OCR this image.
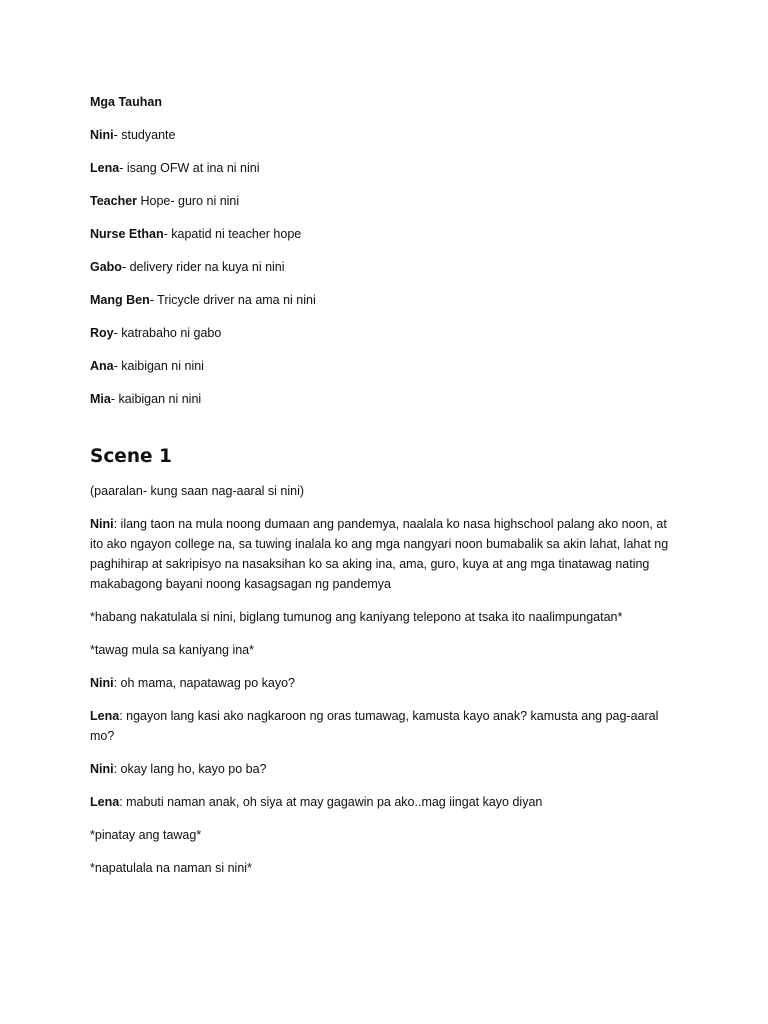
Mga Tauhan
Nini- studyante
Lena- isang OFW at ina ni nini
Teacher Hope- guro ni nini
Nurse Ethan- kapatid ni teacher hope
Gabo- delivery rider na kuya ni nini
Mang Ben- Tricycle driver na ama ni nini
Roy- katrabaho ni gabo
Ana- kaibigan ni nini
Mia- kaibigan ni nini
Scene 1
(paaralan- kung saan nag-aaral si nini)
Nini: ilang taon na mula noong dumaan ang pandemya, naalala ko nasa highschool palang ako noon, at ito ako ngayon college na, sa tuwing inalala ko ang mga nangyari noon bumabalik sa akin lahat, lahat ng paghihirap at sakripisyo na nasaksihan ko sa aking ina, ama, guro, kuya at ang mga tinatawag nating makabagong bayani noong kasagsagan ng pandemya
*habang nakatulala si nini, biglang tumunog ang kaniyang telepono at tsaka ito naalimpungatan*
*tawag mula sa kaniyang ina*
Nini: oh mama, napatawag po kayo?
Lena: ngayon lang kasi ako nagkaroon ng oras tumawag, kamusta kayo anak? kamusta ang pag-aaral mo?
Nini: okay lang ho, kayo po ba?
Lena: mabuti naman anak, oh siya at may gagawin pa ako..mag iingat kayo diyan
*pinatay ang tawag*
*napatulala na naman si nini*
